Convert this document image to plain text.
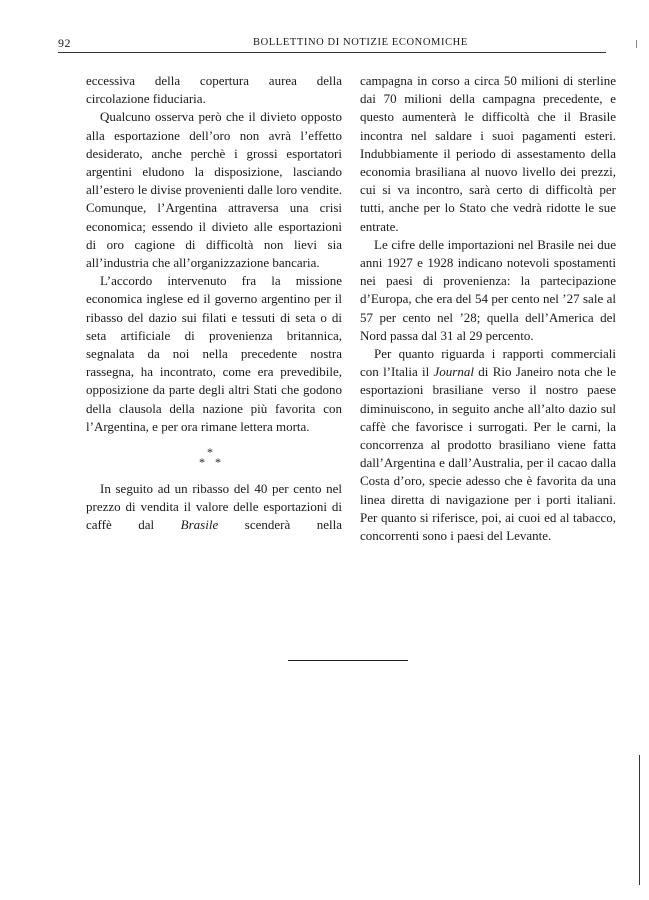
92	BOLLETTINO DI NOTIZIE ECONOMICHE

eccessiva della copertura aurea della circolazione fiduciaria.

Qualcuno osserva però che il divieto opposto alla esportazione dell’oro non avrà l’effetto desiderato, anche perchè i grossi esportatori argentini eludono la disposizione, lasciando all’estero le divise provenienti dalle loro vendite. Comunque, l’Argentina attraversa una crisi economica; essendo il divieto alle esportazioni di oro cagione di difficoltà non lievi sia all’industria che all’organizzazione bancaria.

L’accordo intervenuto fra la missione economica inglese ed il governo argentino per il ribasso del dazio sui filati e tessuti di seta o di seta artificiale di provenienza britannica, segnalata da noi nella precedente nostra rassegna, ha incontrato, come era prevedibile, opposizione da parte degli altri Stati che godono della clausola della nazione più favorita con l’Argentina, e per ora rimane lettera morta.

*
* *

In seguito ad un ribasso del 40 per cento nel prezzo di vendita il valore delle esportazioni di caffè dal Brasile scenderà nella

campagna in corso a circa 50 milioni di sterline dai 70 milioni della campagna precedente, e questo aumenterà le difficoltà che il Brasile incontra nel saldare i suoi pagamenti esteri. Indubbiamente il periodo di assestamento della economia brasiliana al nuovo livello dei prezzi, cui si va incontro, sarà certo di difficoltà per tutti, anche per lo Stato che vedrà ridotte le sue entrate.

Le cifre delle importazioni nel Brasile nei due anni 1927 e 1928 indicano notevoli spostamenti nei paesi di provenienza: la partecipazione d’Europa, che era del 54 per cento nel ’27 sale al 57 per cento nel ’28; quella dell’America del Nord passa dal 31 al 29 percento.

Per quanto riguarda i rapporti commerciali con l’Italia il Journal di Rio Janeiro nota che le esportazioni brasiliane verso il nostro paese diminuiscono, in seguito anche all’alto dazio sul caffè che favorisce i surrogati. Per le carni, la concorrenza al prodotto brasiliano viene fatta dall’Argentina e dall’Australia, per il cacao dalla Costa d’oro, specie adesso che è favorita da una linea diretta di navigazione per i porti italiani. Per quanto si riferisce, poi, ai cuoi ed al tabacco, concorrenti sono i paesi del Levante.
